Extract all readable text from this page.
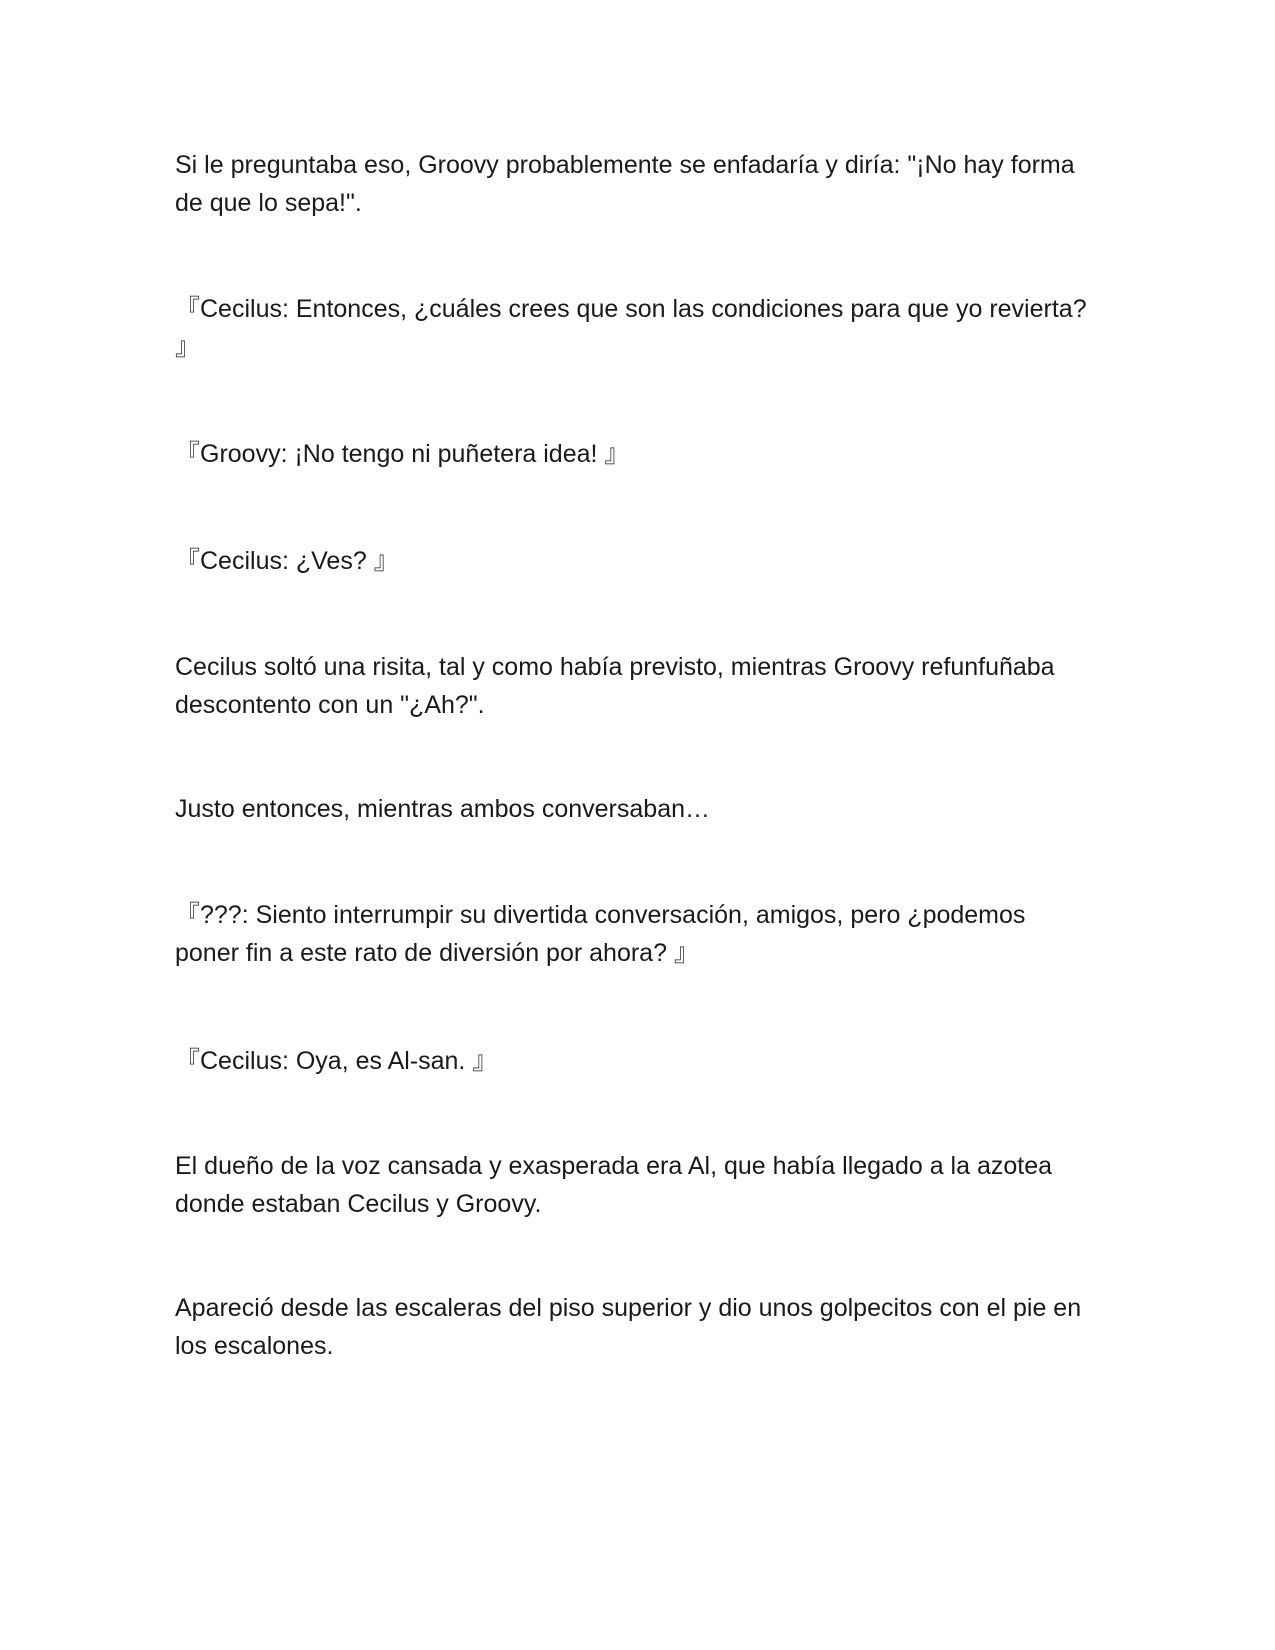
Si le preguntaba eso, Groovy probablemente se enfadaría y diría: "¡No hay forma de que lo sepa!".

『Cecilus: Entonces, ¿cuáles crees que son las condiciones para que yo revierta? 』

『Groovy: ¡No tengo ni puñetera idea! 』

『Cecilus: ¿Ves? 』

Cecilus soltó una risita, tal y como había previsto, mientras Groovy refunfuñaba descontento con un "¿Ah?".

Justo entonces, mientras ambos conversaban…

『???: Siento interrumpir su divertida conversación, amigos, pero ¿podemos poner fin a este rato de diversión por ahora? 』

『Cecilus: Oya, es Al-san. 』

El dueño de la voz cansada y exasperada era Al, que había llegado a la azotea donde estaban Cecilus y Groovy.

Apareció desde las escaleras del piso superior y dio unos golpecitos con el pie en los escalones.
